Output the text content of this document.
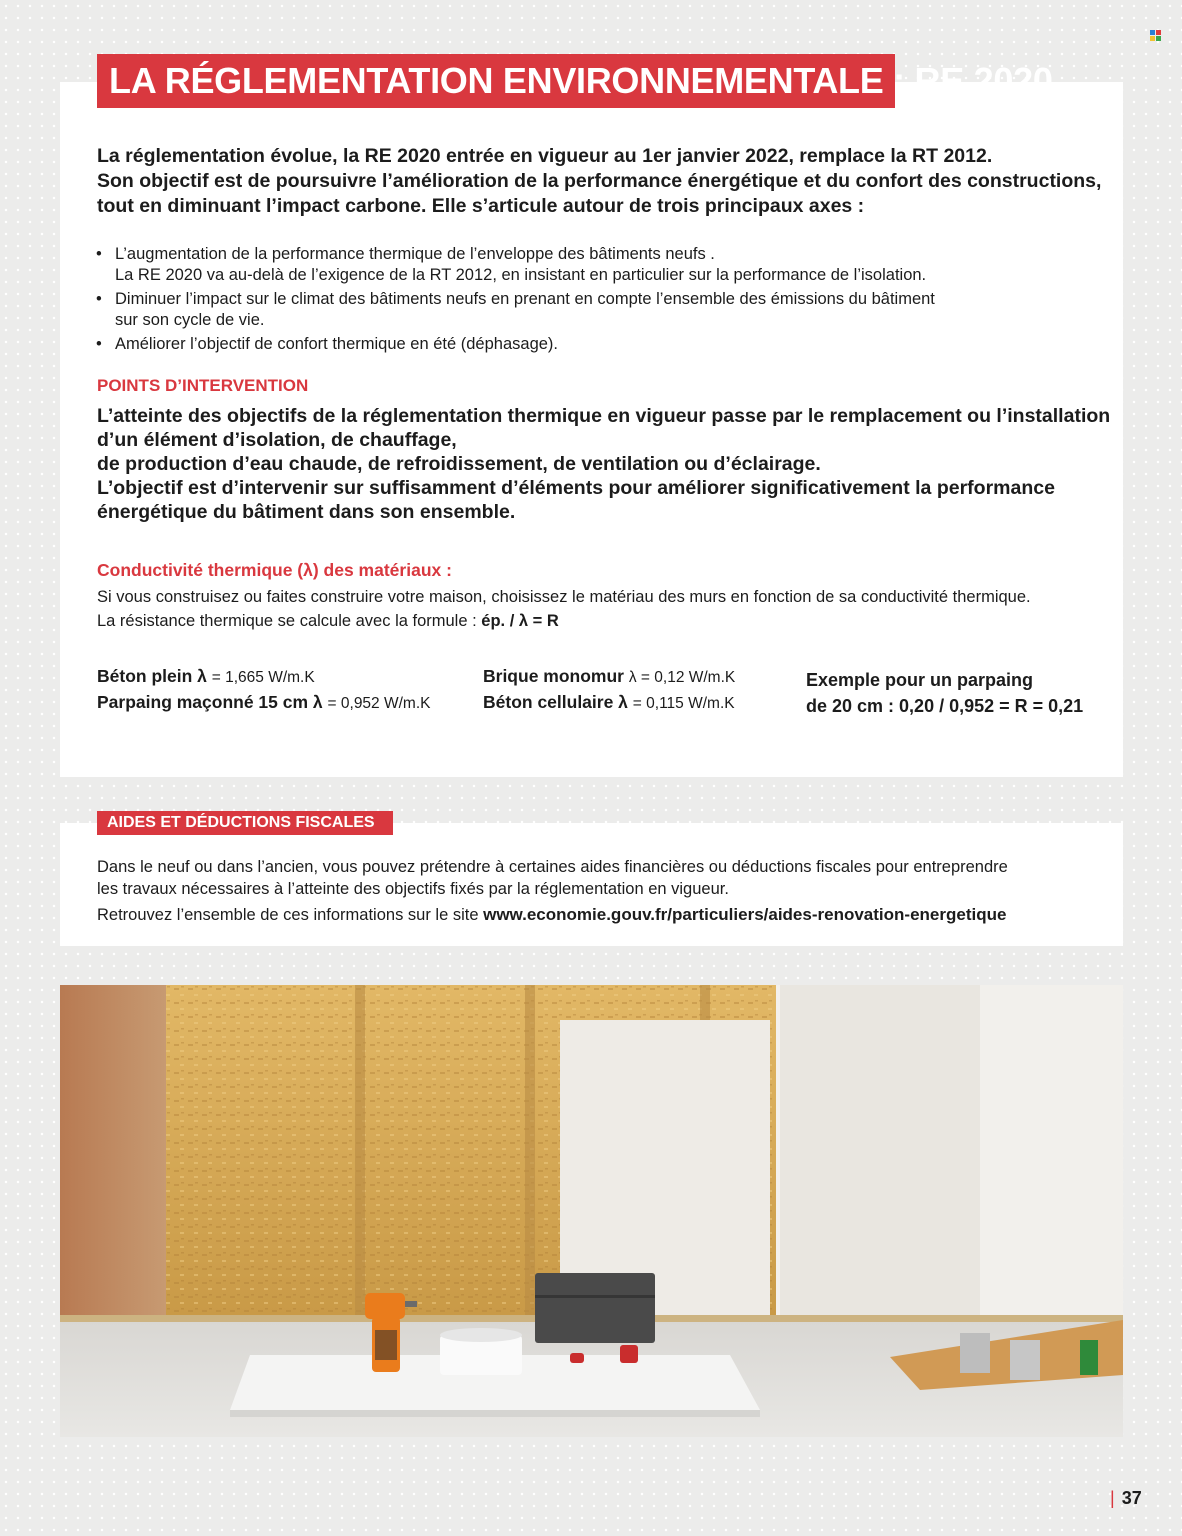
LA RÉGLEMENTATION ENVIRONNEMENTALE : RE 2020
La réglementation évolue, la RE 2020 entrée en vigueur au 1er janvier 2022, remplace la RT 2012.
Son objectif est de poursuivre l’amélioration de la performance énergétique et du confort des constructions,
tout en diminuant l’impact carbone. Elle s’articule autour de trois principaux axes :
• L’augmentation de la performance thermique de l’enveloppe des bâtiments neufs .
La RE 2020 va au-delà de l’exigence de la RT 2012, en insistant en particulier sur la performance de l’isolation.
• Diminuer l’impact sur le climat des bâtiments neufs en prenant en compte l’ensemble des émissions du bâtiment
sur son cycle de vie.
• Améliorer l’objectif de confort thermique en été (déphasage).
POINTS D’INTERVENTION
L’atteinte des objectifs de la réglementation thermique en vigueur passe par le remplacement ou l’installation
d’un élément d’isolation, de chauffage,
de production d’eau chaude, de refroidissement, de ventilation ou d’éclairage.
L’objectif est d’intervenir sur suffisamment d’éléments pour améliorer significativement la performance
énergétique du bâtiment dans son ensemble.
Conductivité thermique (λ) des matériaux :
Si vous construisez ou faites construire votre maison, choisissez le matériau des murs en fonction de sa conductivité thermique.
La résistance thermique se calcule avec la formule : ép. / λ = R
Béton plein λ = 1,665 W/m.K
Parpaing maçonné 15 cm λ = 0,952 W/m.K
Brique monomur λ = 0,12 W/m.K
Béton cellulaire λ = 0,115 W/m.K
Exemple pour un parpaing
de 20 cm : 0,20 / 0,952 = R = 0,21
AIDES ET DÉDUCTIONS FISCALES
Dans le neuf ou dans l’ancien, vous pouvez prétendre à certaines aides financières ou déductions fiscales pour entreprendre
les travaux nécessaires à l’atteinte des objectifs fixés par la réglementation en vigueur.
Retrouvez l’ensemble de ces informations sur le site www.economie.gouv.fr/particuliers/aides-renovation-energetique
| 37
